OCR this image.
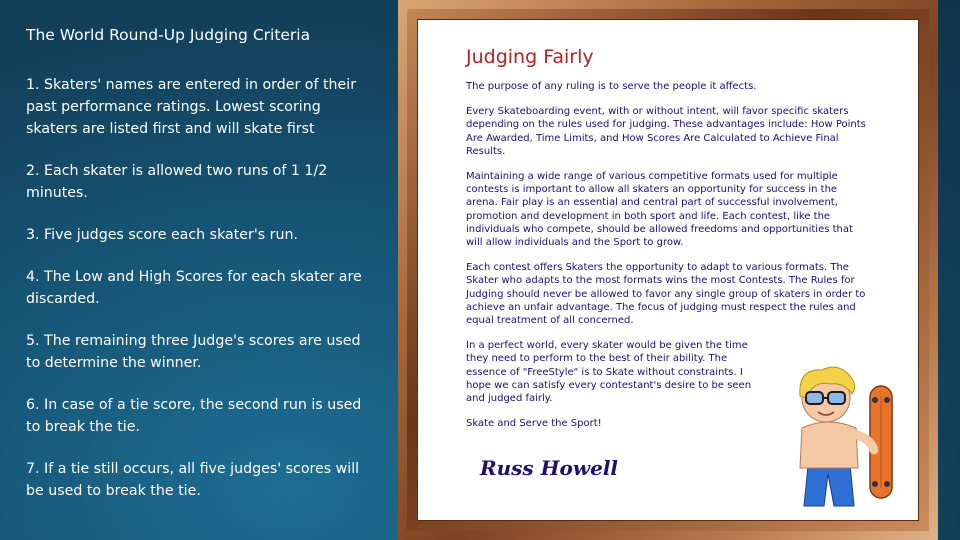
The World Round-Up Judging Criteria

1. Skaters' names are entered in order of their past performance ratings. Lowest scoring skaters are listed first and will skate first

2. Each skater is allowed two runs of 1 1/2 minutes.

3. Five judges score each skater's run.

4. The Low and High Scores for each skater are discarded.

5. The remaining three Judge's scores are used to determine the winner.

6. In case of a tie score, the second run is used to break the tie.

7. If a tie still occurs, all five judges' scores will be used to break the tie.

Judging Fairly
The purpose of any ruling is to serve the people it affects.
Every Skateboarding event, with or without intent, will favor specific skaters depending on the rules used for judging. These advantages include: How Points Are Awarded, Time Limits, and How Scores Are Calculated to Achieve Final Results.
Maintaining a wide range of various competitive formats used for multiple contests is important to allow all skaters an opportunity for success in the arena. Fair play is an essential and central part of successful involvement, promotion and development in both sport and life. Each contest, like the individuals who compete, should be allowed freedoms and opportunities that will allow individuals and the Sport to grow.
Each contest offers Skaters the opportunity to adapt to various formats. The Skater who adapts to the most formats wins the most Contests. The Rules for Judging should never be allowed to favor any single group of skaters in order to achieve an unfair advantage. The focus of judging must respect the rules and equal treatment of all concerned.
In a perfect world, every skater would be given the time they need to perform to the best of their ability. The essence of "FreeStyle" is to Skate without constraints. I hope we can satisfy every contestant's desire to be seen and judged fairly.
Skate and Serve the Sport!
Russ Howell
